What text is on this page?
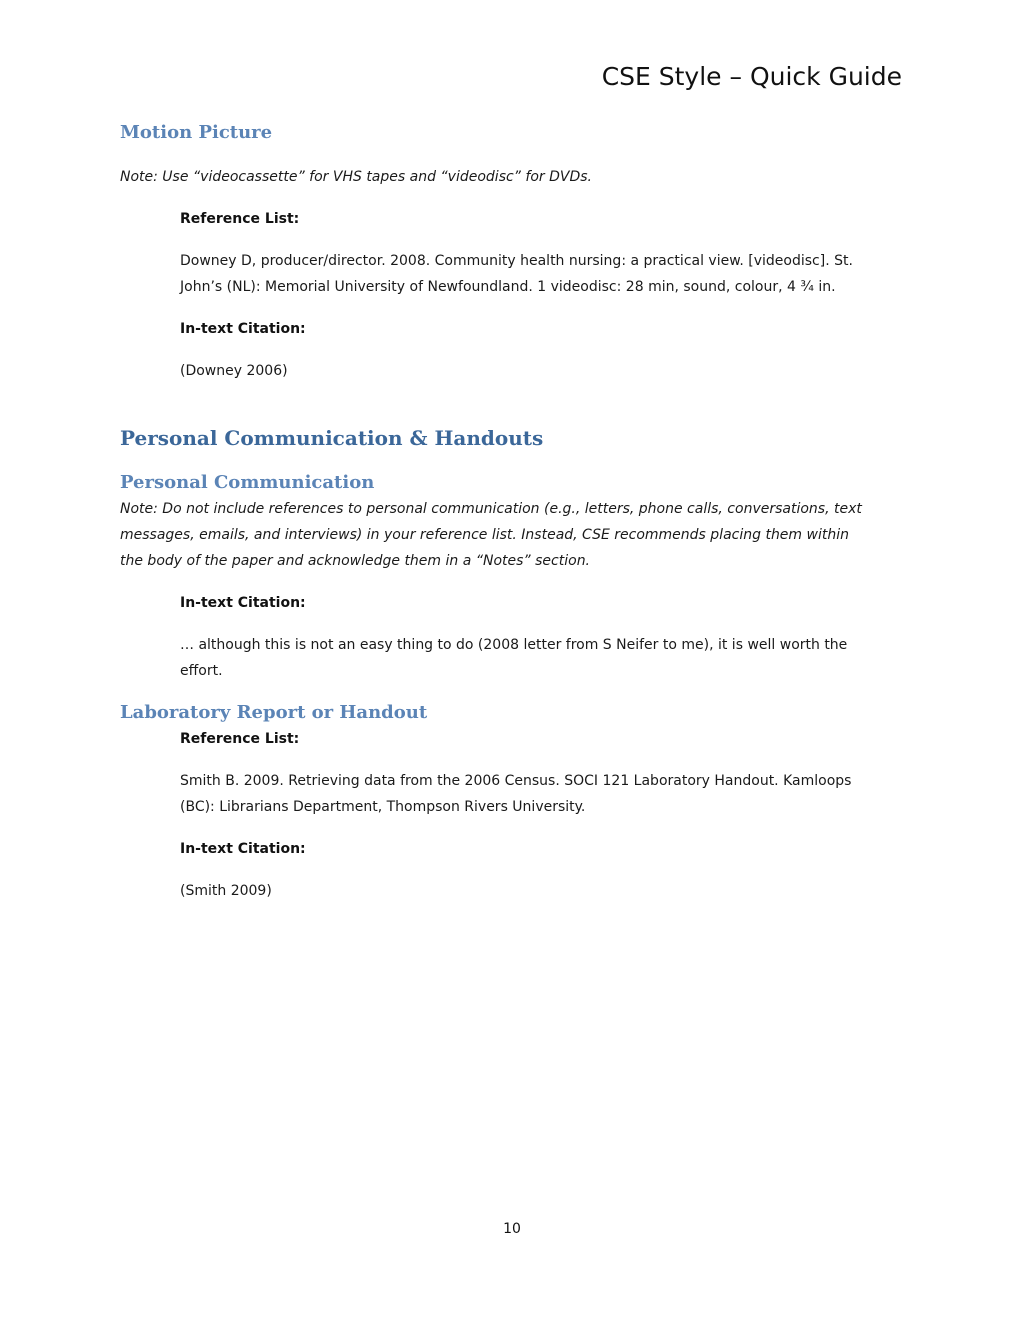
CSE Style – Quick Guide

Motion Picture

Note: Use “videocassette” for VHS tapes and “videodisc” for DVDs.

Reference List:

Downey D, producer/director. 2008. Community health nursing: a practical view. [videodisc]. St.

John’s (NL): Memorial University of Newfoundland. 1 videodisc: 28 min, sound, colour, 4 ¾ in.

In-text Citation:

(Downey 2006)

Personal Communication & Handouts

Personal Communication

Note: Do not include references to personal communication (e.g., letters, phone calls, conversations, text

messages, emails, and interviews) in your reference list. Instead, CSE recommends placing them within

the body of the paper and acknowledge them in a “Notes” section.

In-text Citation:

… although this is not an easy thing to do (2008 letter from S Neifer to me), it is well worth the

effort.

Laboratory Report or Handout

Reference List:

Smith B. 2009. Retrieving data from the 2006 Census. SOCI 121 Laboratory Handout. Kamloops

(BC): Librarians Department, Thompson Rivers University.

In-text Citation:

(Smith 2009)

10
